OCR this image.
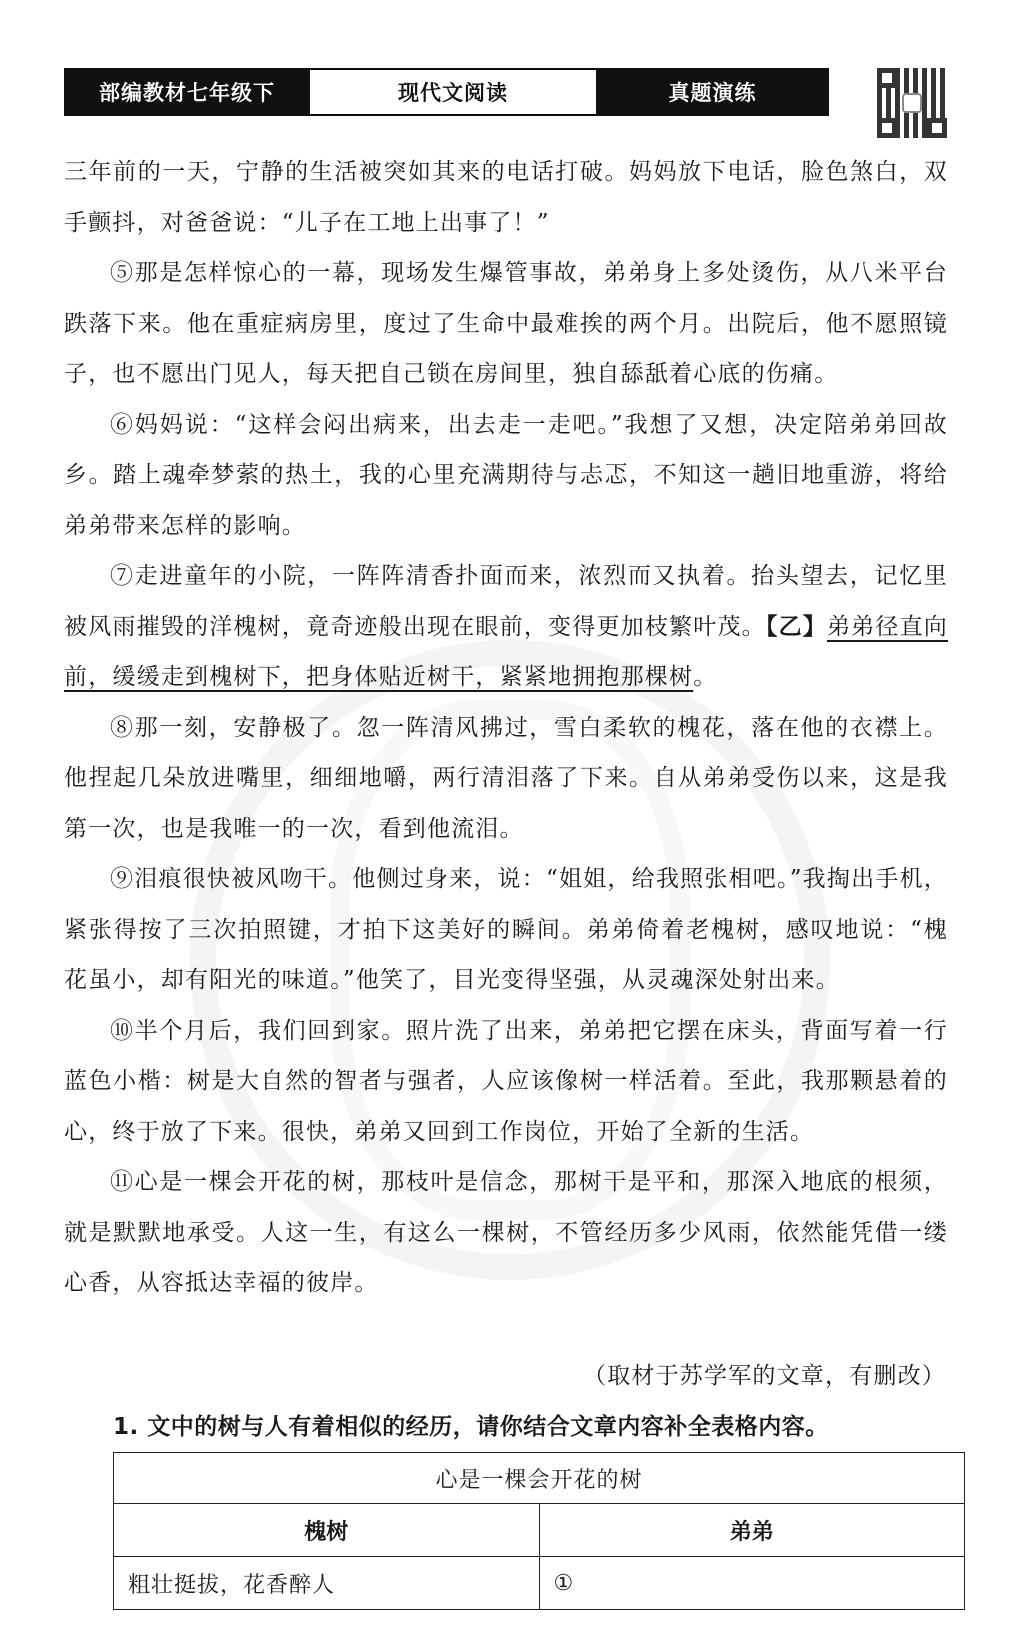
部编教材七年级下	现代文阅读	真题演练

三年前的一天，宁静的生活被突如其来的电话打破。妈妈放下电话，脸色煞白，双手颤抖，对爸爸说：“儿子在工地上出事了！”

⑤那是怎样惊心的一幕，现场发生爆管事故，弟弟身上多处烫伤，从八米平台跌落下来。他在重症病房里，度过了生命中最难挨的两个月。出院后，他不愿照镜子，也不愿出门见人，每天把自己锁在房间里，独自舔舐着心底的伤痛。

⑥妈妈说：“这样会闷出病来，出去走一走吧。”我想了又想，决定陪弟弟回故乡。踏上魂牵梦萦的热土，我的心里充满期待与忐忑，不知这一趟旧地重游，将给弟弟带来怎样的影响。

⑦走进童年的小院，一阵阵清香扑面而来，浓烈而又执着。抬头望去，记忆里被风雨摧毁的洋槐树，竟奇迹般出现在眼前，变得更加枝繁叶茂。【乙】弟弟径直向前，缓缓走到槐树下，把身体贴近树干，紧紧地拥抱那棵树。

⑧那一刻，安静极了。忽一阵清风拂过，雪白柔软的槐花，落在他的衣襟上。他捏起几朵放进嘴里，细细地嚼，两行清泪落了下来。自从弟弟受伤以来，这是我第一次，也是我唯一的一次，看到他流泪。

⑨泪痕很快被风吻干。他侧过身来，说：“姐姐，给我照张相吧。”我掏出手机，紧张得按了三次拍照键，才拍下这美好的瞬间。弟弟倚着老槐树，感叹地说：“槐花虽小，却有阳光的味道。”他笑了，目光变得坚强，从灵魂深处射出来。

⑩半个月后，我们回到家。照片洗了出来，弟弟把它摆在床头，背面写着一行蓝色小楷：树是大自然的智者与强者，人应该像树一样活着。至此，我那颗悬着的心，终于放了下来。很快，弟弟又回到工作岗位，开始了全新的生活。

⑪心是一棵会开花的树，那枝叶是信念，那树干是平和，那深入地底的根须，就是默默地承受。人这一生，有这么一棵树，不管经历多少风雨，依然能凭借一缕心香，从容抵达幸福的彼岸。

（取材于苏学军的文章，有删改）
1. 文中的树与人有着相似的经历，请你结合文章内容补全表格内容。
心是一棵会开花的树	
槐树	弟弟
粗壮挺拔，花香醉人	①
